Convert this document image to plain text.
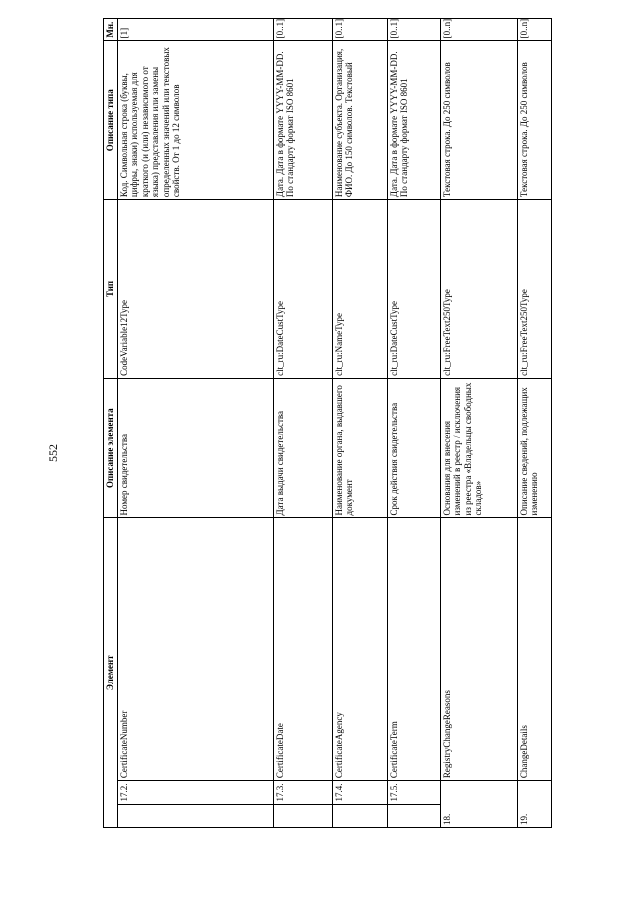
552
Элемент			Описание элемента	Тип	Описание типа	Мн.
	17.2.	CertificateNumber	Номер свидетельства	CodeVariable12Type	Код. Символьная строка (буквы, цифры, знаки) используемая для краткого (и (или) независимого от языка) представления или замены определенных значений или текстовых свойств. От 1 до 12 символов	[1]
	17.3.	CertificateDate	Дата выдачи свидетельства	clt_ru:DateCustType	Дата. Дата в формате YYYY-MM-DD. По стандарту формат ISO 8601	[0..1]
	17.4.	CertificateAgency	Наименование органа, выдавшего документ	clt_ru:NameType	Наименование субъекта. Организация, ФИО. До 150 символов. Текстовый	[0..1]
	17.5.	CertificateTerm	Срок действия свидетельства	clt_ru:DateCustType	Дата. Дата в формате YYYY-MM-DD. По стандарту формат ISO 8601	[0..1]
18.		RegistryChangeReasons	Основания для внесения изменений в реестр / исключения из реестра «Владельцы свободных складов»	clt_ru:FreeText250Type	Текстовая строка. До 250 символов	[0..n]
19.		ChangeDetails	Описание сведений, подлежащих изменению	clt_ru:FreeText250Type	Текстовая строка. До 250 символов	[0..n]
